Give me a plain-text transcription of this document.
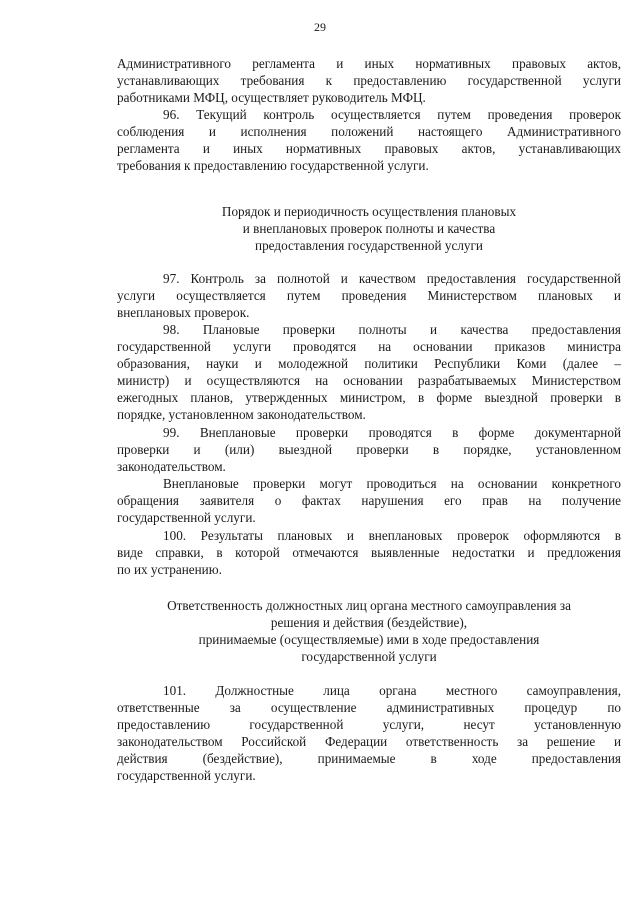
29
Административного регламента и иных нормативных правовых актов,
устанавливающих требования к предоставлению государственной услуги
работниками МФЦ, осуществляет руководитель МФЦ.
96. Текущий контроль осуществляется путем проведения проверок
соблюдения и исполнения положений настоящего Административного
регламента и иных нормативных правовых актов, устанавливающих
требования к предоставлению государственной услуги.
Порядок и периодичность осуществления плановых
и внеплановых проверок полноты и качества
предоставления государственной услуги
97. Контроль за полнотой и качеством предоставления государственной
услуги осуществляется путем проведения Министерством плановых и
внеплановых проверок.
98. Плановые проверки полноты и качества предоставления
государственной услуги проводятся на основании приказов министра
образования, науки и молодежной политики Республики Коми (далее –
министр) и осуществляются на основании разрабатываемых Министерством
ежегодных планов, утвержденных министром, в форме выездной проверки в
порядке, установленном законодательством.
99. Внеплановые проверки проводятся в форме документарной
проверки и (или) выездной проверки в порядке, установленном
законодательством.
Внеплановые проверки могут проводиться на основании конкретного
обращения заявителя о фактах нарушения его прав на получение
государственной услуги.
100. Результаты плановых и внеплановых проверок оформляются в
виде справки, в которой отмечаются выявленные недостатки и предложения
по их устранению.
Ответственность должностных лиц органа местного самоуправления за
решения и действия (бездействие),
принимаемые (осуществляемые) ими в ходе предоставления
государственной услуги
101. Должностные лица органа местного самоуправления,
ответственные за осуществление административных процедур по
предоставлению государственной услуги, несут установленную
законодательством Российской Федерации ответственность за решение и
действия (бездействие), принимаемые в ходе предоставления
государственной услуги.
